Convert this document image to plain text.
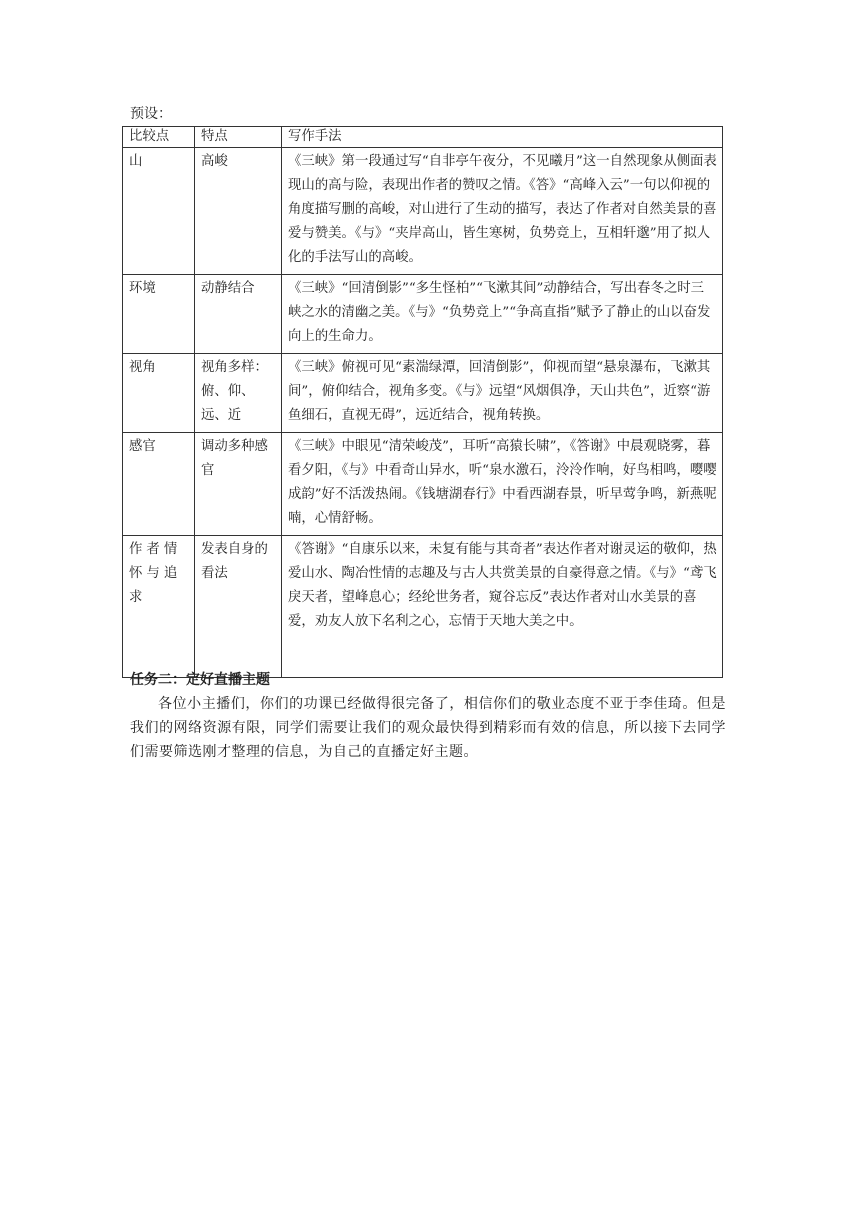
预设：
比较点	特点	写作手法
山	高峻	《三峡》第一段通过写“自非亭午夜分，不见曦月”这一自然现象从侧面表现山的高与险，表现出作者的赞叹之情。《答》“高峰入云”一句以仰视的角度描写删的高峻，对山进行了生动的描写，表达了作者对自然美景的喜爱与赞美。《与》“夹岸高山，皆生寒树，负势竞上，互相轩邈”用了拟人化的手法写山的高峻。
环境	动静结合	《三峡》“回清倒影”“多生怪柏”“飞漱其间”动静结合，写出春冬之时三峡之水的清幽之美。《与》“负势竞上”“争高直指”赋予了静止的山以奋发向上的生命力。
视角	视角多样：俯、仰、远、近	《三峡》俯视可见“素湍绿潭，回清倒影”，仰视而望“悬泉瀑布，飞漱其间”，俯仰结合，视角多变。《与》远望“风烟俱净，天山共色”，近察“游鱼细石，直视无碍”，远近结合，视角转换。
感官	调动多种感官	《三峡》中眼见“清荣峻茂”，耳听“高猿长啸”，《答谢》中晨观晓雾，暮看夕阳，《与》中看奇山异水，听“泉水激石，泠泠作响，好鸟相鸣，嘤嘤成韵”好不活泼热闹。《钱塘湖春行》中看西湖春景，听早莺争鸣，新燕呢喃，心情舒畅。
作者情怀与追求	发表自身的看法	《答谢》“自康乐以来，未复有能与其奇者”表达作者对谢灵运的敬仰，热爱山水、陶冶性情的志趣及与古人共赏美景的自豪得意之情。《与》“鸢飞戾天者，望峰息心；经纶世务者，窥谷忘反”表达作者对山水美景的喜爱，劝友人放下名利之心，忘情于天地大美之中。

任务二：定好直播主题

各位小主播们，你们的功课已经做得很完备了，相信你们的敬业态度不亚于李佳琦。但是我们的网络资源有限，同学们需要让我们的观众最快得到精彩而有效的信息，所以接下去同学们需要筛选刚才整理的信息，为自己的直播定好主题。
